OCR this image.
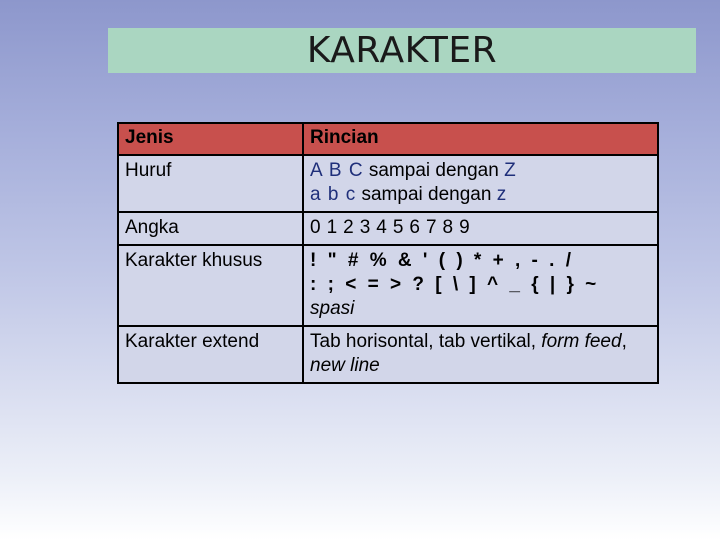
KARAKTER
Jenis	Rincian
Huruf	A B C sampai dengan Z
a b c sampai dengan z

Angka	0123456789
Karakter khusus	! " # % & ' ( ) * + , - . /
: ; < = > ? [ \ ] ^ _ { | } ~
spasi

Karakter extend	Tab horisontal, tab vertikal, form feed, new line
